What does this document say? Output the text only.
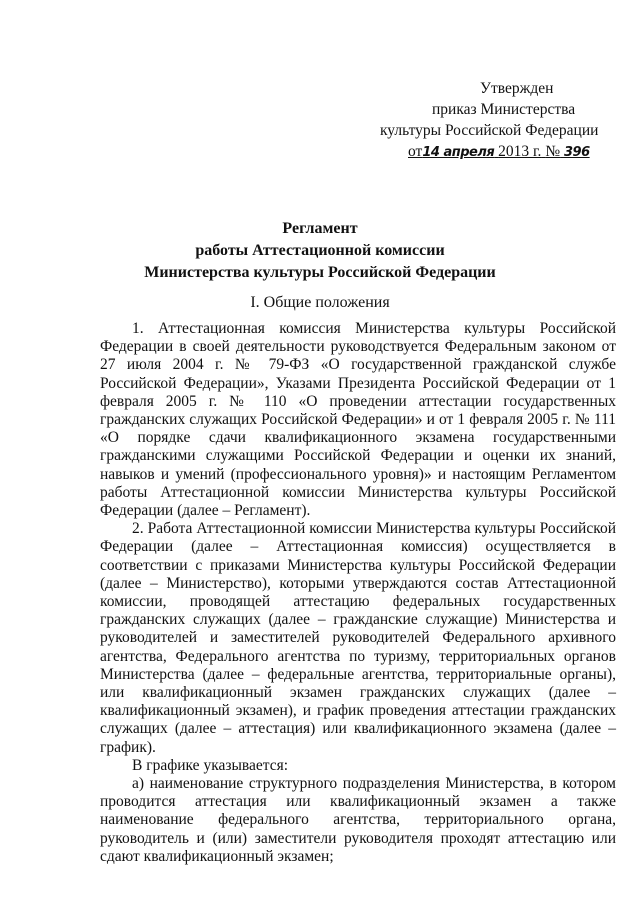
Утвержден
приказ Министерства
культуры Российской Федерации
от14 апреля 2013 г. № 396
Регламент
работы Аттестационной комиссии
Министерства культуры Российской Федерации
I. Общие положения

1. Аттестационная комиссия Министерства культуры Российской Федерации в своей деятельности руководствуется Федеральным законом от 27 июля 2004 г. № 79-ФЗ «О государственной гражданской службе Российской Федерации», Указами Президента Российской Федерации от 1 февраля 2005 г. № 110 «О проведении аттестации государственных гражданских служащих Российской Федерации» и от 1 февраля 2005 г. № 111 «О порядке сдачи квалификационного экзамена государственными гражданскими служащими Российской Федерации и оценки их знаний, навыков и умений (профессионального уровня)» и настоящим Регламентом работы Аттестационной комиссии Министерства культуры Российской Федерации (далее – Регламент).

2. Работа Аттестационной комиссии Министерства культуры Российской Федерации (далее – Аттестационная комиссия) осуществляется в соответствии с приказами Министерства культуры Российской Федерации (далее – Министерство), которыми утверждаются состав Аттестационной комиссии, проводящей аттестацию федеральных государственных гражданских служащих (далее – гражданские служащие) Министерства и руководителей и заместителей руководителей Федерального архивного агентства, Федерального агентства по туризму, территориальных органов Министерства (далее – федеральные агентства, территориальные органы), или квалификационный экзамен гражданских служащих (далее – квалификационный экзамен), и график проведения аттестации гражданских служащих (далее – аттестация) или квалификационного экзамена (далее – график).

В графике указывается:

а) наименование структурного подразделения Министерства, в котором проводится аттестация или квалификационный экзамен а также наименование федерального агентства, территориального органа, руководитель и (или) заместители руководителя проходят аттестацию или сдают квалификационный экзамен;
